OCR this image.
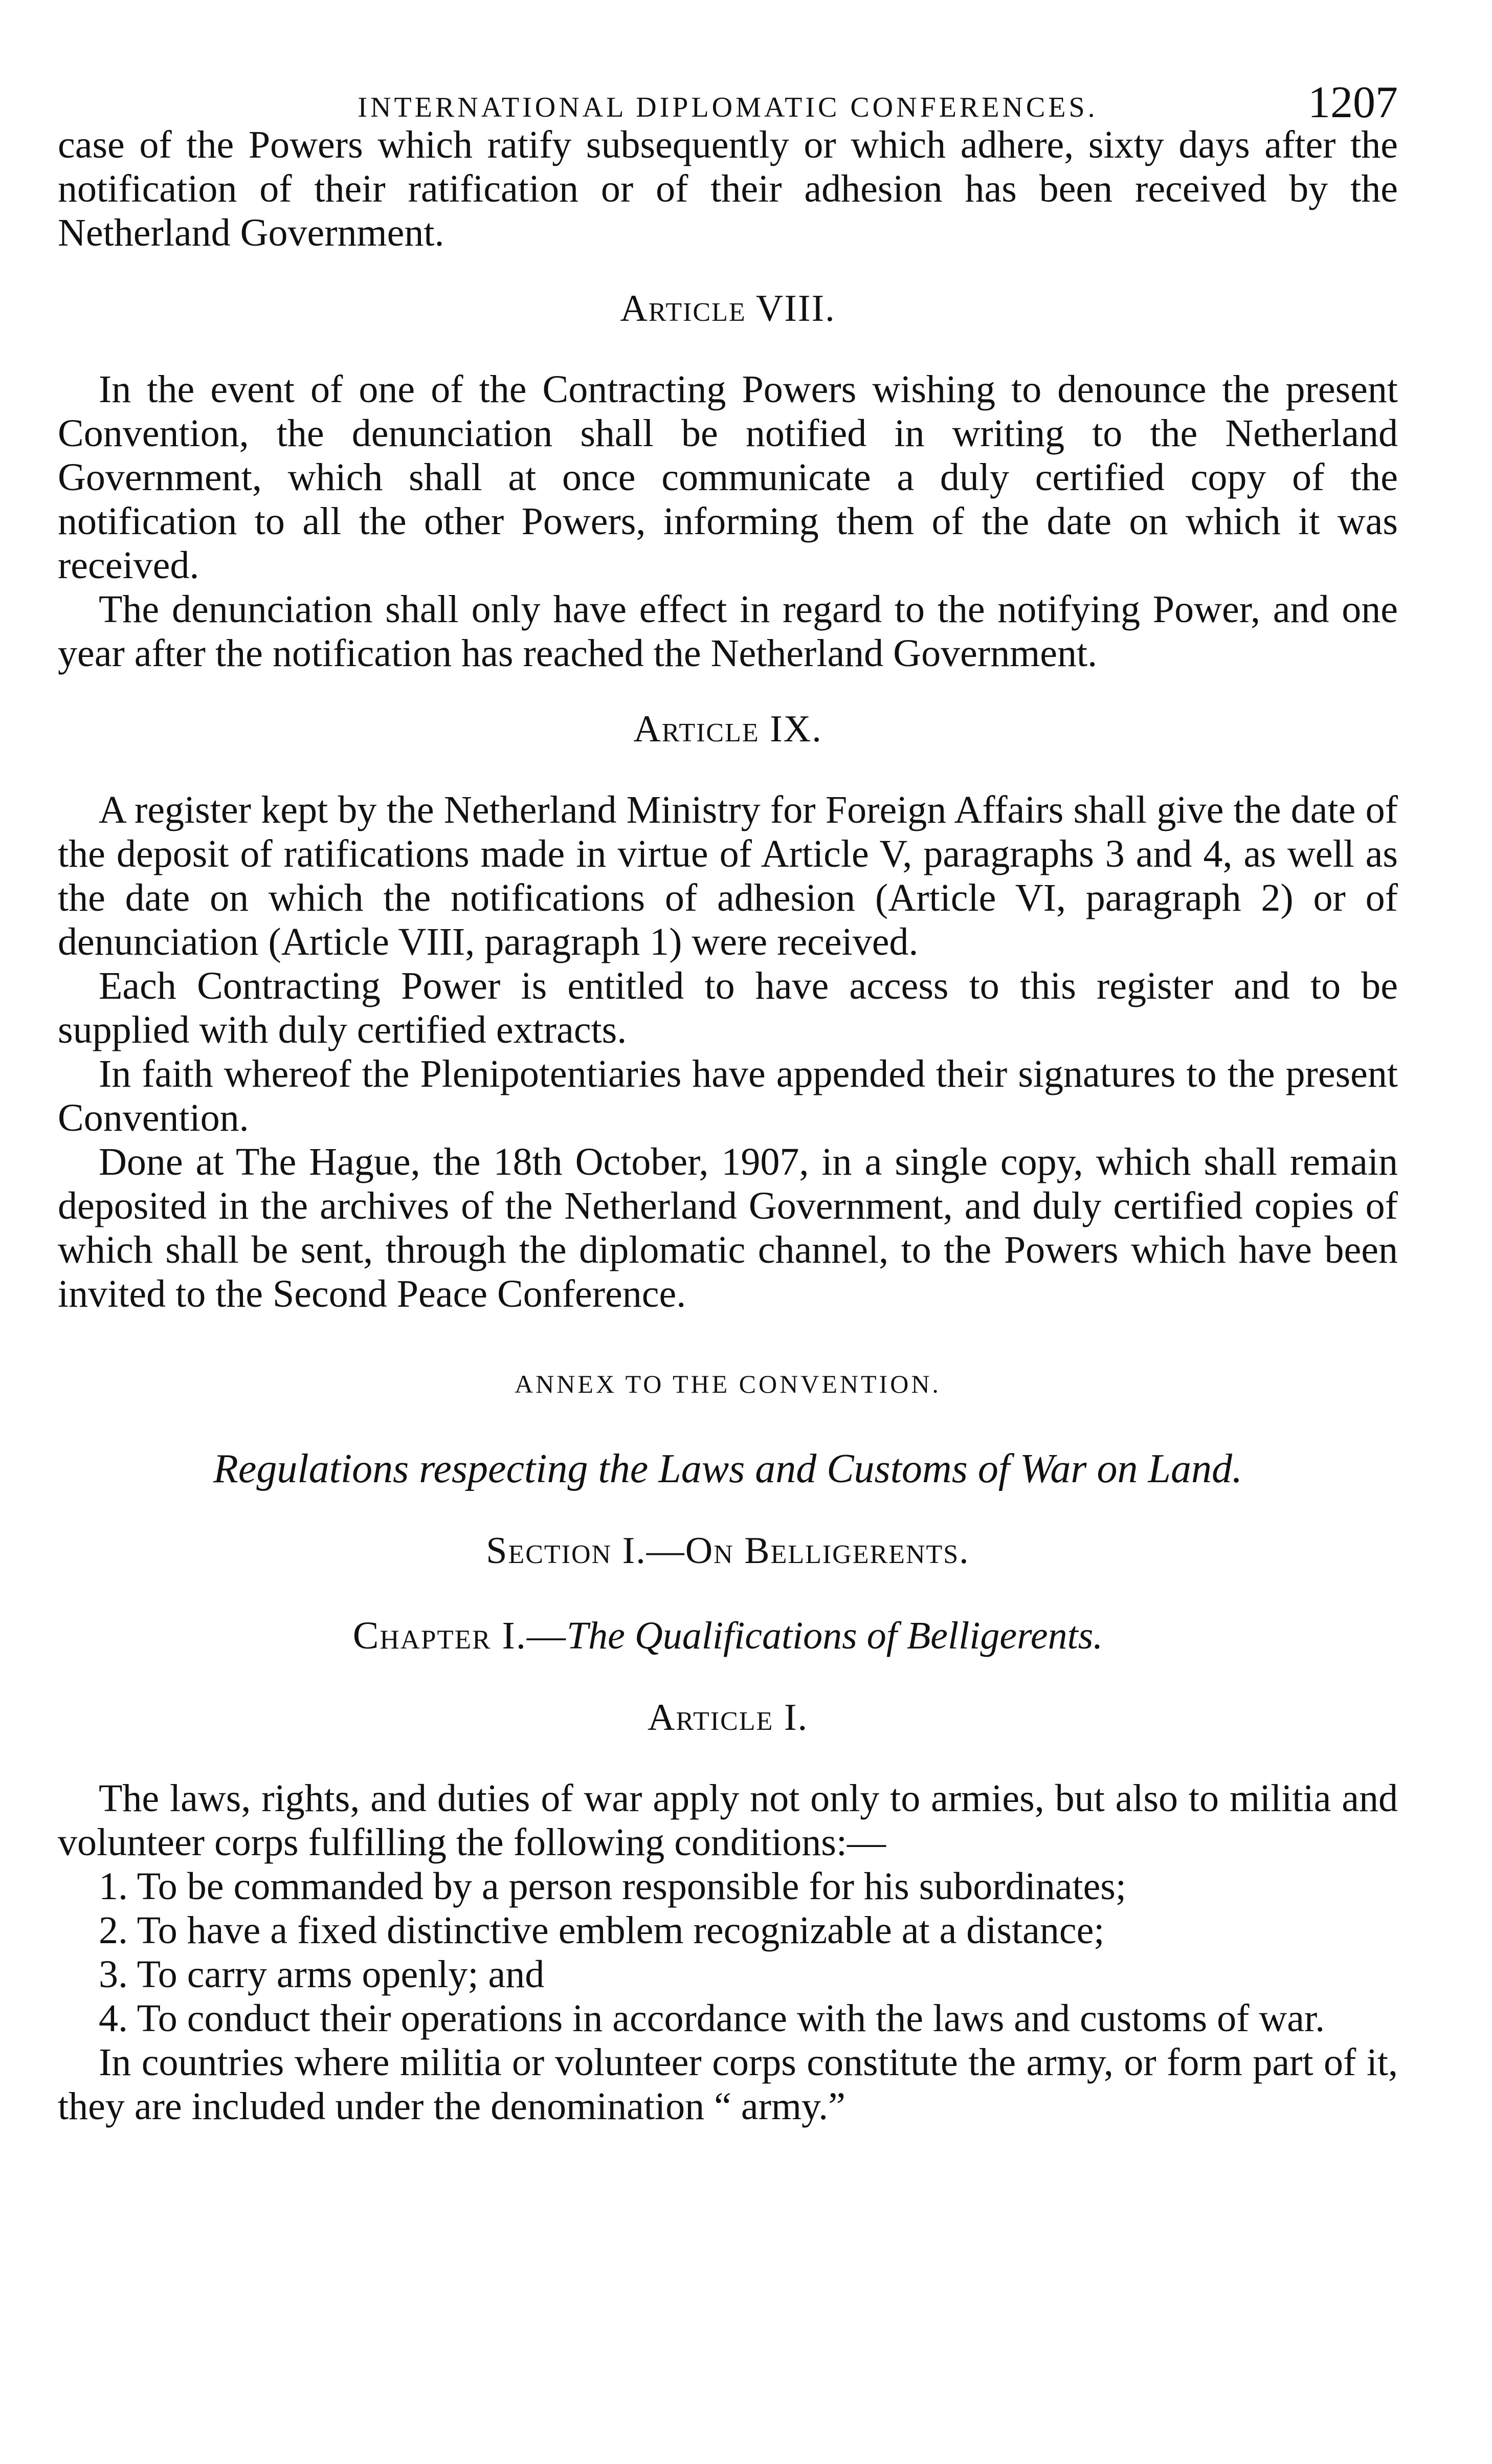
INTERNATIONAL DIPLOMATIC CONFERENCES.	1207

case of the Powers which ratify subsequently or which adhere, sixty days after the notification of their ratification or of their adhesion has been received by the Netherland Government.

Article VIII.

In the event of one of the Contracting Powers wishing to denounce the present Convention, the denunciation shall be notified in writing to the Netherland Government, which shall at once communicate a duly certified copy of the notification to all the other Powers, informing them of the date on which it was received.

The denunciation shall only have effect in regard to the notifying Power, and one year after the notification has reached the Netherland Government.

Article IX.

A register kept by the Netherland Ministry for Foreign Affairs shall give the date of the deposit of ratifications made in virtue of Article V, paragraphs 3 and 4, as well as the date on which the notifications of adhesion (Article VI, paragraph 2) or of denunciation (Article VIII, paragraph 1) were received.

Each Contracting Power is entitled to have access to this register and to be supplied with duly certified extracts.

In faith whereof the Plenipotentiaries have appended their signatures to the present Convention.

Done at The Hague, the 18th October, 1907, in a single copy, which shall remain deposited in the archives of the Netherland Government, and duly certified copies of which shall be sent, through the diplomatic channel, to the Powers which have been invited to the Second Peace Conference.

ANNEX TO THE CONVENTION.
Regulations respecting the Laws and Customs of War on Land.
Section I.—On Belligerents.
Chapter I.—The Qualifications of Belligerents.
Article I.

The laws, rights, and duties of war apply not only to armies, but also to militia and volunteer corps fulfilling the following conditions:—

1. To be commanded by a person responsible for his subordinates;

2. To have a fixed distinctive emblem recognizable at a distance;

3. To carry arms openly; and

4. To conduct their operations in accordance with the laws and customs of war.

In countries where militia or volunteer corps constitute the army, or form part of it, they are included under the denomination “ army.”
